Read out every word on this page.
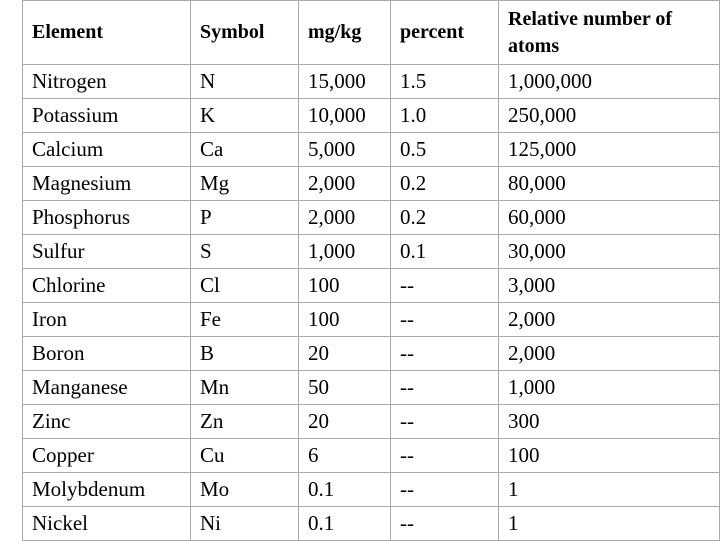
Element	Symbol	mg/kg	percent	Relative number of atoms
Nitrogen	N	15,000	1.5	1,000,000
Potassium	K	10,000	1.0	250,000
Calcium	Ca	5,000	0.5	125,000
Magnesium	Mg	2,000	0.2	80,000
Phosphorus	P	2,000	0.2	60,000
Sulfur	S	1,000	0.1	30,000
Chlorine	Cl	100	--	3,000
Iron	Fe	100	--	2,000
Boron	B	20	--	2,000
Manganese	Mn	50	--	1,000
Zinc	Zn	20	--	300
Copper	Cu	6	--	100
Molybdenum	Mo	0.1	--	1
Nickel	Ni	0.1	--	1
